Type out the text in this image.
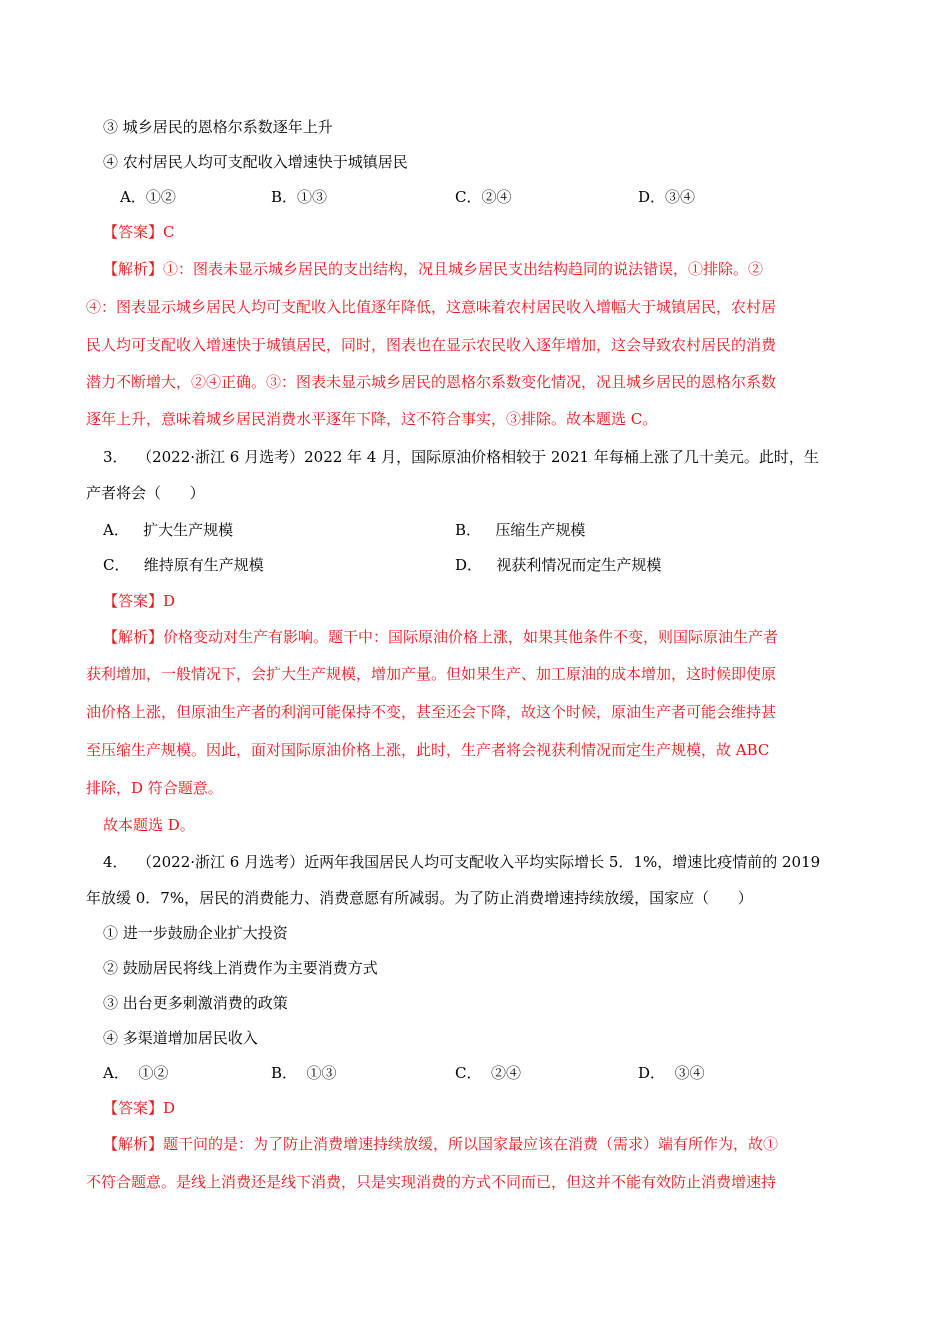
③ 城乡居民的恩格尔系数逐年上升
④ 农村居民人均可支配收入增速快于城镇居民
A．①②	B．①③	C．②④	D．③④
【答案】C
【解析】①：图表未显示城乡居民的支出结构，况且城乡居民支出结构趋同的说法错误，①排除。②
④：图表显示城乡居民人均可支配收入比值逐年降低，这意味着农村居民收入增幅大于城镇居民，农村居
民人均可支配收入增速快于城镇居民，同时，图表也在显示农民收入逐年增加，这会导致农村居民的消费
潜力不断增大，②④正确。③：图表未显示城乡居民的恩格尔系数变化情况，况且城乡居民的恩格尔系数
逐年上升，意味着城乡居民消费水平逐年下降，这不符合事实，③排除。故本题选 C。
3．  （2022·浙江 6 月选考）2022 年 4 月，国际原油价格相较于 2021 年每桶上涨了几十美元。此时，生
产者将会（      ）
A．   扩大生产规模	B．   压缩生产规模
C．   维持原有生产规模	D．   视获利情况而定生产规模
【答案】D
【解析】价格变动对生产有影响。题干中：国际原油价格上涨，如果其他条件不变，则国际原油生产者
获利增加，一般情况下，会扩大生产规模，增加产量。但如果生产、加工原油的成本增加，这时候即使原
油价格上涨，但原油生产者的利润可能保持不变，甚至还会下降，故这个时候，原油生产者可能会维持甚
至压缩生产规模。因此，面对国际原油价格上涨，此时，生产者将会视获利情况而定生产规模，故 ABC
排除，D 符合题意。
故本题选 D。
4．  （2022·浙江 6 月选考）近两年我国居民人均可支配收入平均实际增长 5．1%，增速比疫情前的 2019
年放缓 0．7%，居民的消费能力、消费意愿有所减弱。为了防止消费增速持续放缓，国家应（      ）
① 进一步鼓励企业扩大投资
② 鼓励居民将线上消费作为主要消费方式
③ 出台更多刺激消费的政策
④ 多渠道增加居民收入
A．  ①②	B．  ①③	C．  ②④	D．  ③④
【答案】D
【解析】题干问的是：为了防止消费增速持续放缓，所以国家最应该在消费（需求）端有所作为，故①
不符合题意。是线上消费还是线下消费，只是实现消费的方式不同而已，但这并不能有效防止消费增速持
